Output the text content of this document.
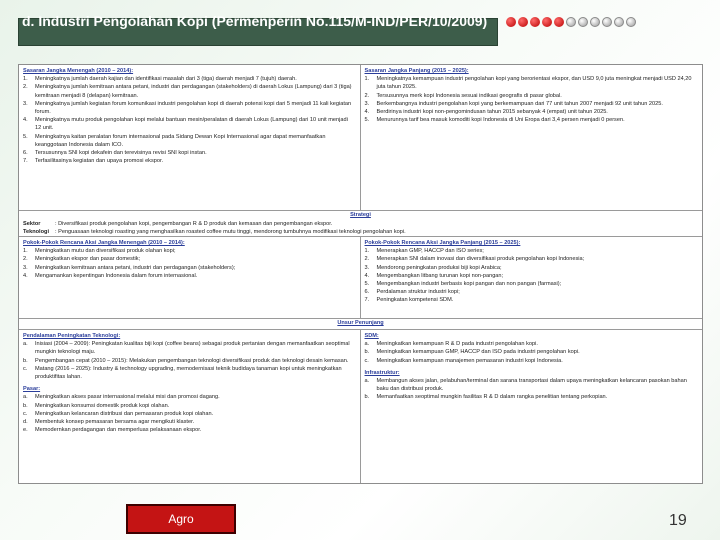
d. Industri Pengolahan Kopi (Permenperin No.115/M-IND/PER/10/2009)
Sasaran Jangka Menengah (2010 – 2014):
1.	Meningkatnya jumlah daerah kajian dan identifikasi masalah dari 3 (tiga) daerah menjadi 7 (tujuh) daerah.
2.	Meningkatnya jumlah kemitraan antara petani, industri dan perdagangan (stakeholders) di daerah Lokus (Lampung) dari 3 (tiga) kemitraan menjadi 8 (delapan) kemitraan.
3.	Meningkatnya jumlah kegiatan forum komunikasi industri pengolahan kopi di daerah potensi kopi dari 5 menjadi 11 kali kegiatan forum.
4.	Meningkatnya mutu produk pengolahan kopi melalui bantuan mesin/peralatan di daerah Lokus (Lampung) dari 10 unit menjadi 12 unit.
5.	Meningkatnya kaitan peralatan forum internasional pada Sidang Dewan Kopi Internasional agar dapat memanfaatkan keanggotaan Indonesia dalam ICO.
6.	Tersusunnya SNI kopi dekafein dan terevisinya revisi SNI kopi instan.
7.	Terfasilitasinya kegiatan dan upaya promosi ekspor.
Sasaran Jangka Panjang (2015 – 2025):
1.	Meningkatnya kemampuan industri pengolahan kopi yang berorientasi ekspor, dan USD 9,0 juta meningkat menjadi USD 24,20 juta tahun 2025.
2.	Tersusunnya merk kopi Indonesia sesuai indikasi geografis di pasar global.
3.	Berkembangnya industri pengolahan kopi yang berkemampuan dari 77 unit tahun 2007 menjadi 92 unit tahun 2025.
4.	Berdirinya industri kopi non-pengomindusan tahun 2015 sebanyak 4 (empat) unit tahun 2025.
5.	Menurunnya tarif bea masuk komoditi kopi Indonesia di Uni Eropa dari 3,4 persen menjadi 0 persen.
Strategi
Sektor	: Diversifikasi produk pengolahan kopi, pengembangan R & D produk dan kemasan dan pengembangan ekspor.
Teknologi : Penguasaan teknologi roasting yang menghasilkan roasted coffee mutu tinggi, mendorong tumbuhnya modifikasi teknologi pengolahan kopi.
Pokok-Pokok Rencana Aksi Jangka Menengah (2010 – 2014):
1.	Meningkatkan mutu dan diversifikasi produk olahan kopi;
2.	Meningkatkan ekspor dan pasar domestik;
3.	Meningkatkan kemitraan antara petani, industri dan perdagangan (stakeholders);
4.	Mengamankan kepentingan Indonesia dalam forum internasional.
Pokok-Pokok Rencana Aksi Jangka Panjang (2015 – 2025):
1.	Menerapkan GMP, HACCP dan ISO series;
2.	Menerapkan SNI dalam inovasi dan diversifikasi produk pengolahan kopi Indonesia;
3.	Mendorong peningkatan produksi biji kopi Arabica;
4.	Mengembangkan litbang turunan kopi non-pangan;
5.	Mengembangkan industri berbasis kopi pangan dan non pangan (farmasi);
6.	Perdalaman struktur industri kopi;
7.	Peningkatan kompetensi SDM.
Unsur Penunjang
Pendalaman Peningkatan Teknologi:
a.	Inisiasi (2004 – 2009): Peningkatan kualitas biji kopi (coffee beans) sebagai produk pertanian dengan memanfaatkan seoptimal mungkin teknologi maju.
b.	Pengembangan cepat (2010 – 2015): Melakukan pengembangan teknologi diversifikasi produk dan teknologi desain kemasan.
c.	Matang (2016 – 2025): Industry & technology upgrading, memodernisasi teknik budidaya tanaman kopi untuk meningkatkan produktifitas lahan.
Pasar:
a.	Meningkatkan akses pasar internasional melalui misi dan promosi dagang.
b.	Meningkatkan konsumsi domestik produk kopi olahan.
c.	Meningkatkan kelancaran distribusi dan pemasaran produk kopi olahan.
d.	Membentuk konsep pemasaran bersama agar mengikuti klaster.
e.	Memodernkan perdagangan dan memperluas pelaksanaan ekspor.
SDM:
a.	Meningkatkan kemampuan R & D pada industri pengolahan kopi.
b.	Meningkatkan kemampuan GMP, HACCP dan ISO pada industri pengolahan kopi.
c.	Meningkatkan kemampuan manajemen pemasaran industri kopi Indonesia.
Infrastruktur:
a.	Membangun akses jalan, pelabuhan/terminal dan sarana transportasi dalam upaya meningkatkan kelancaran pasokan bahan baku dan distribusi produk.
b.	Memanfaatkan seoptimal mungkin fasilitas R & D dalam rangka penelitian tentang perkopian.
Agro	19
